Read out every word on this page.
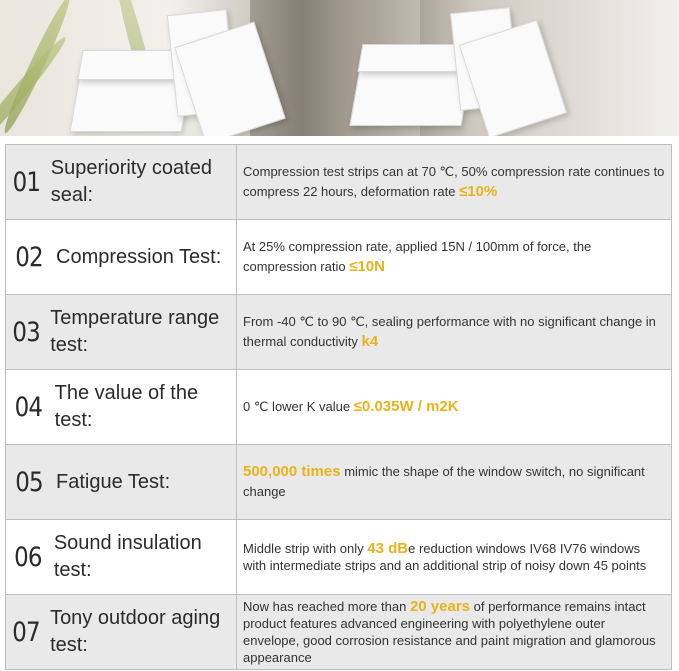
01 Superiority coated seal:	Compression test strips can at 70 ℃, 50% compression rate continues to compress 22 hours, deformation rate ≤10%

02 Compression Test:	At 25% compression rate, applied 15N / 100mm of force, the compression ratio ≤10N

03 Temperature range test:	From -40 ℃ to 90 ℃, sealing performance with no significant change in thermal conductivity k4

04 The value of the test:	0 ℃ lower K value ≤0.035W / m2K

05 Fatigue Test:	500,000 times mimic the shape of the window switch, no significant change

06 Sound insulation test:	Middle strip with only 43 dBe reduction windows IV68 IV76 windows with intermediate strips and an additional strip of noisy down 45 points

07 Tony outdoor aging test:	Now has reached more than 20 years of performance remains intact product features advanced engineering with polyethylene outer envelope, good corrosion resistance and paint migration and glamorous appearance
